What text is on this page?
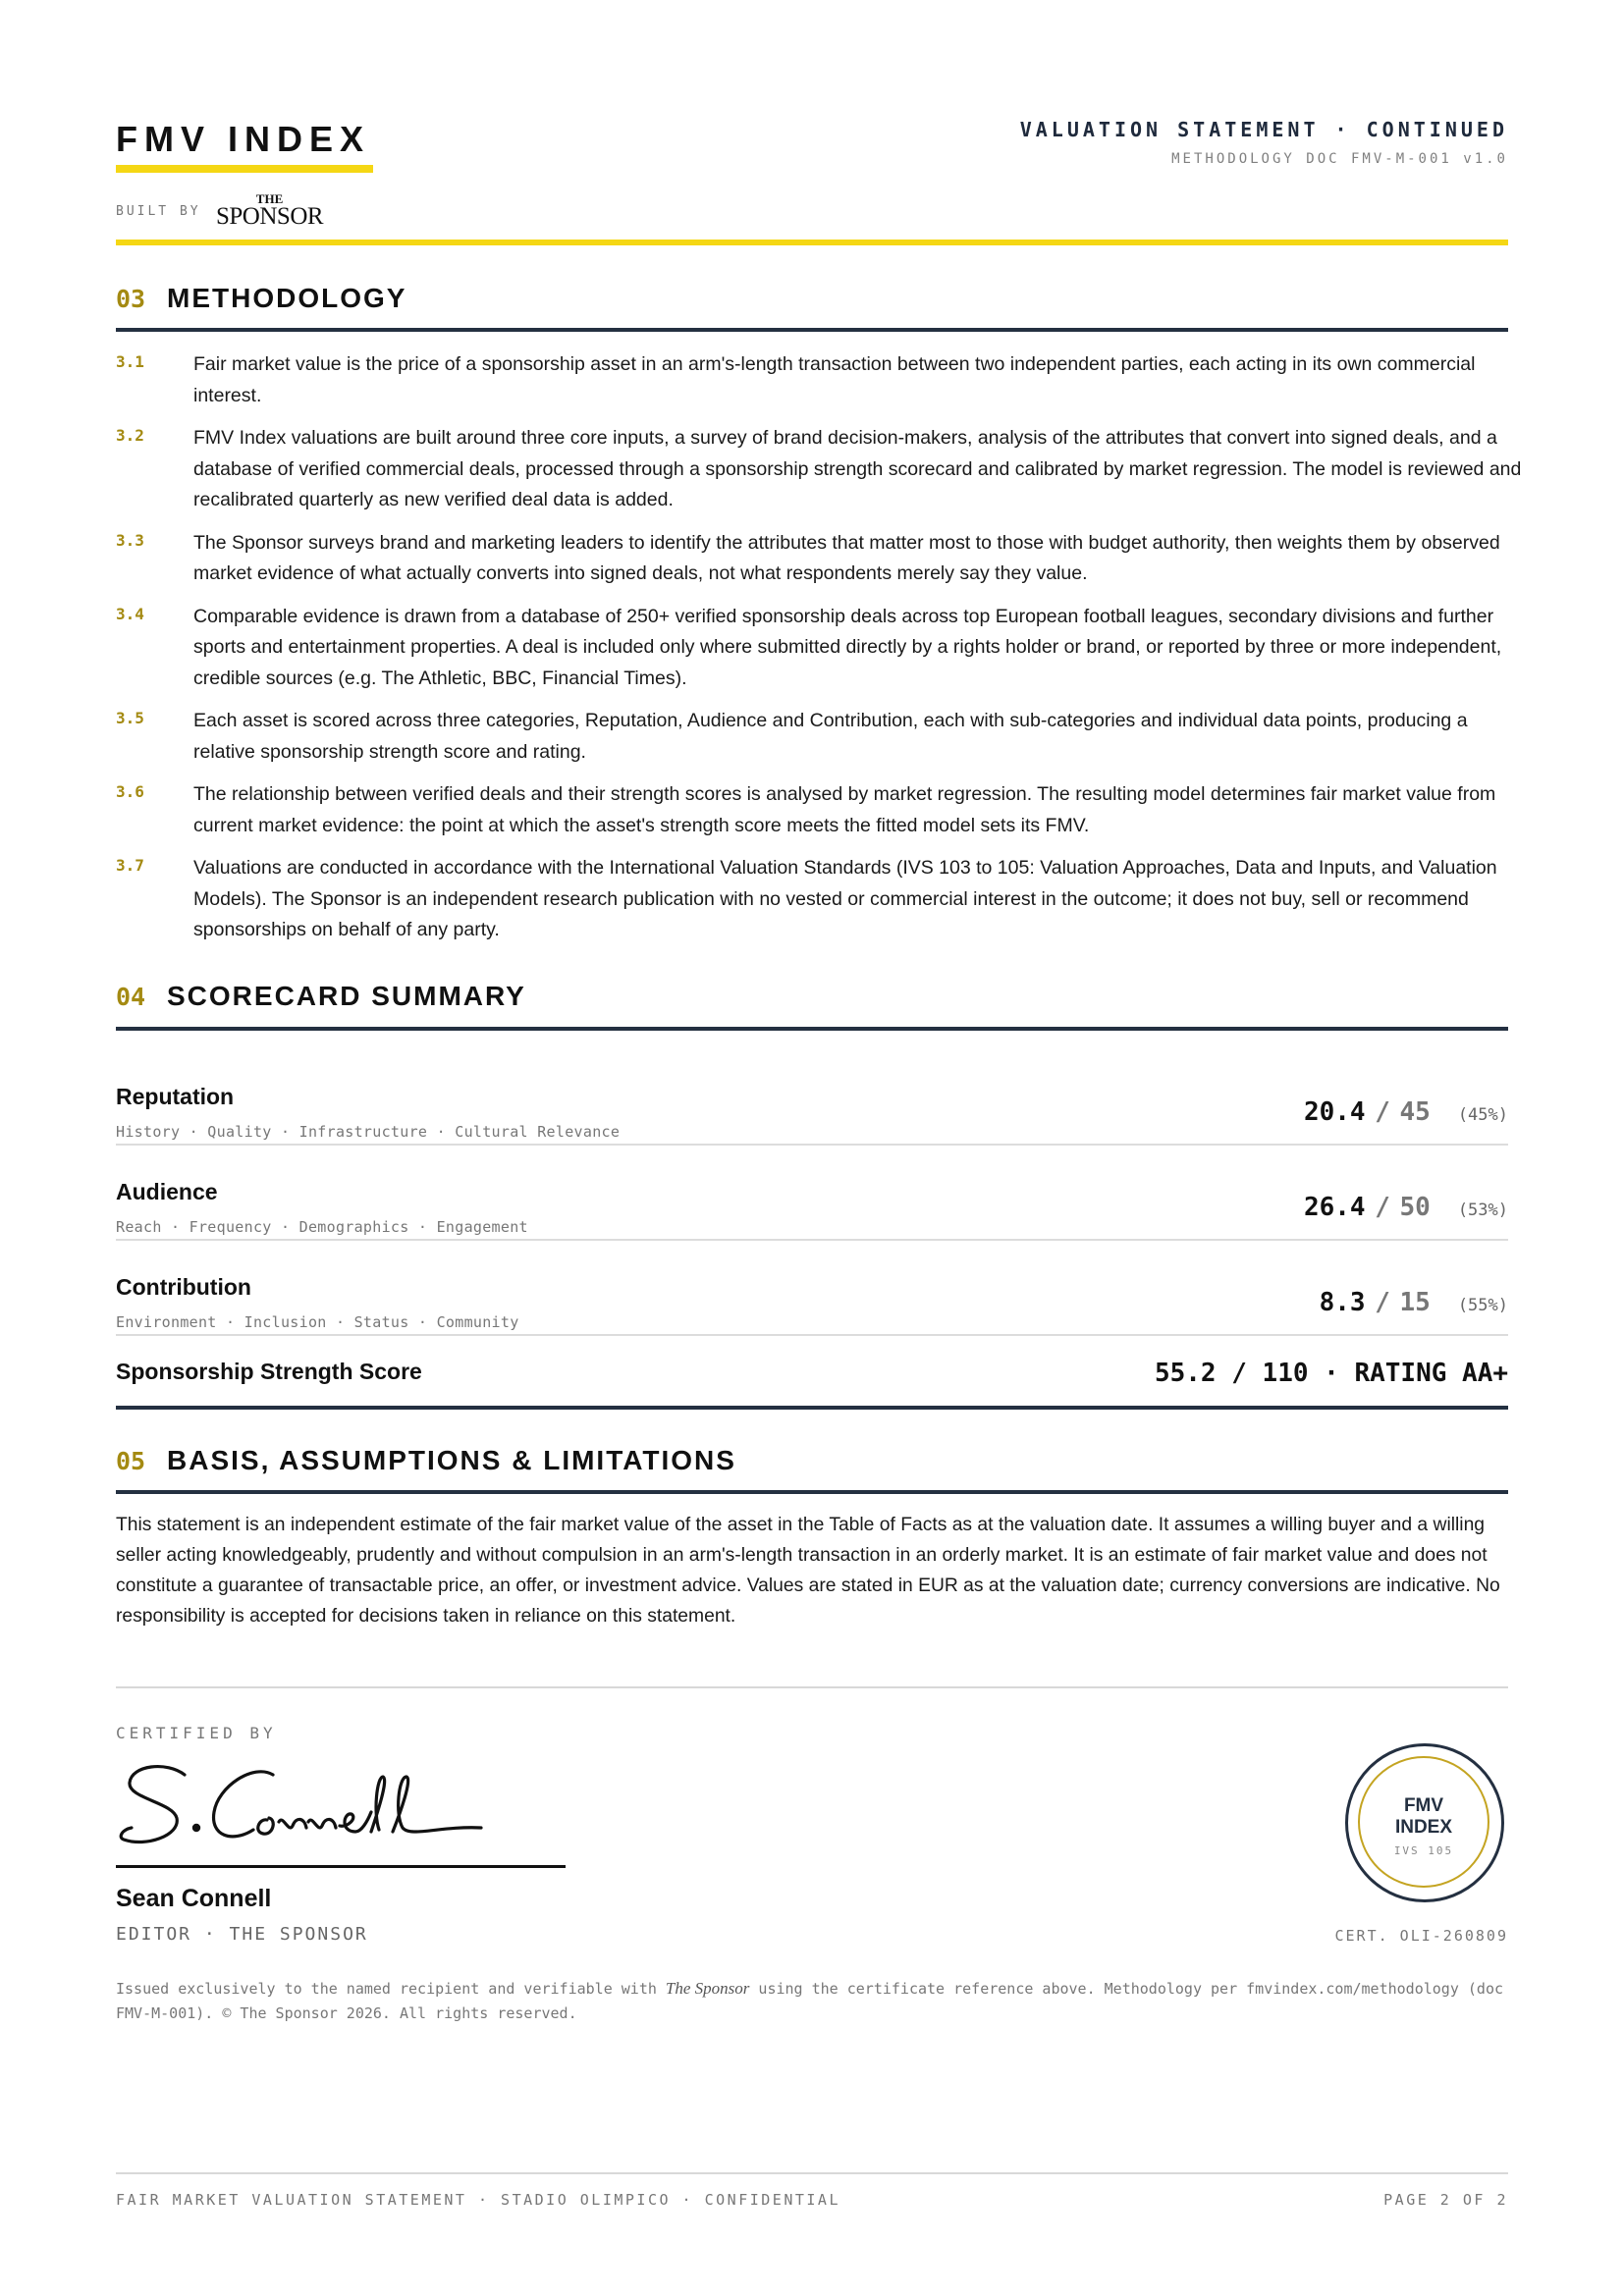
FMV INDEX
BUILT BY
THE
SPONSOR
VALUATION STATEMENT · CONTINUED
METHODOLOGY DOC FMV-M-001 v1.0
03 METHODOLOGY
3.1	Fair market value is the price of a sponsorship asset in an arm's-length transaction between two independent parties, each acting in its own commercial interest.
3.2	FMV Index valuations are built around three core inputs, a survey of brand decision-makers, analysis of the attributes that convert into signed deals, and a database of verified commercial deals, processed through a sponsorship strength scorecard and calibrated by market regression. The model is reviewed and recalibrated quarterly as new verified deal data is added.
3.3	The Sponsor surveys brand and marketing leaders to identify the attributes that matter most to those with budget authority, then weights them by observed market evidence of what actually converts into signed deals, not what respondents merely say they value.
3.4	Comparable evidence is drawn from a database of 250+ verified sponsorship deals across top European football leagues, secondary divisions and further sports and entertainment properties. A deal is included only where submitted directly by a rights holder or brand, or reported by three or more independent, credible sources (e.g. The Athletic, BBC, Financial Times).
3.5	Each asset is scored across three categories, Reputation, Audience and Contribution, each with sub-categories and individual data points, producing a relative sponsorship strength score and rating.
3.6	The relationship between verified deals and their strength scores is analysed by market regression. The resulting model determines fair market value from current market evidence: the point at which the asset's strength score meets the fitted model sets its FMV.
3.7	Valuations are conducted in accordance with the International Valuation Standards (IVS 103 to 105: Valuation Approaches, Data and Inputs, and Valuation Models). The Sponsor is an independent research publication with no vested or commercial interest in the outcome; it does not buy, sell or recommend sponsorships on behalf of any party.
04 SCORECARD SUMMARY
Reputation
History · Quality · Infrastructure · Cultural Relevance
20.4 / 45 (45%)
Audience
Reach · Frequency · Demographics · Engagement
26.4 / 50 (53%)
Contribution
Environment · Inclusion · Status · Community
8.3 / 15 (55%)
Sponsorship Strength Score	55.2 / 110 · RATING AA+
05 BASIS, ASSUMPTIONS & LIMITATIONS
This statement is an independent estimate of the fair market value of the asset in the Table of Facts as at the valuation date. It assumes a willing buyer and a willing seller acting knowledgeably, prudently and without compulsion in an arm's-length transaction in an orderly market. It is an estimate of fair market value and does not constitute a guarantee of transactable price, an offer, or investment advice. Values are stated in EUR as at the valuation date; currency conversions are indicative. No responsibility is accepted for decisions taken in reliance on this statement.
CERTIFIED BY
Sean Connell
EDITOR · THE SPONSOR
FMV
INDEX
IVS 105
CERT. OLI-260809
Issued exclusively to the named recipient and verifiable with The Sponsor using the certificate reference above. Methodology per fmvindex.com/methodology (doc FMV-M-001). © The Sponsor 2026. All rights reserved.
FAIR MARKET VALUATION STATEMENT · STADIO OLIMPICO · CONFIDENTIAL	PAGE 2 OF 2
